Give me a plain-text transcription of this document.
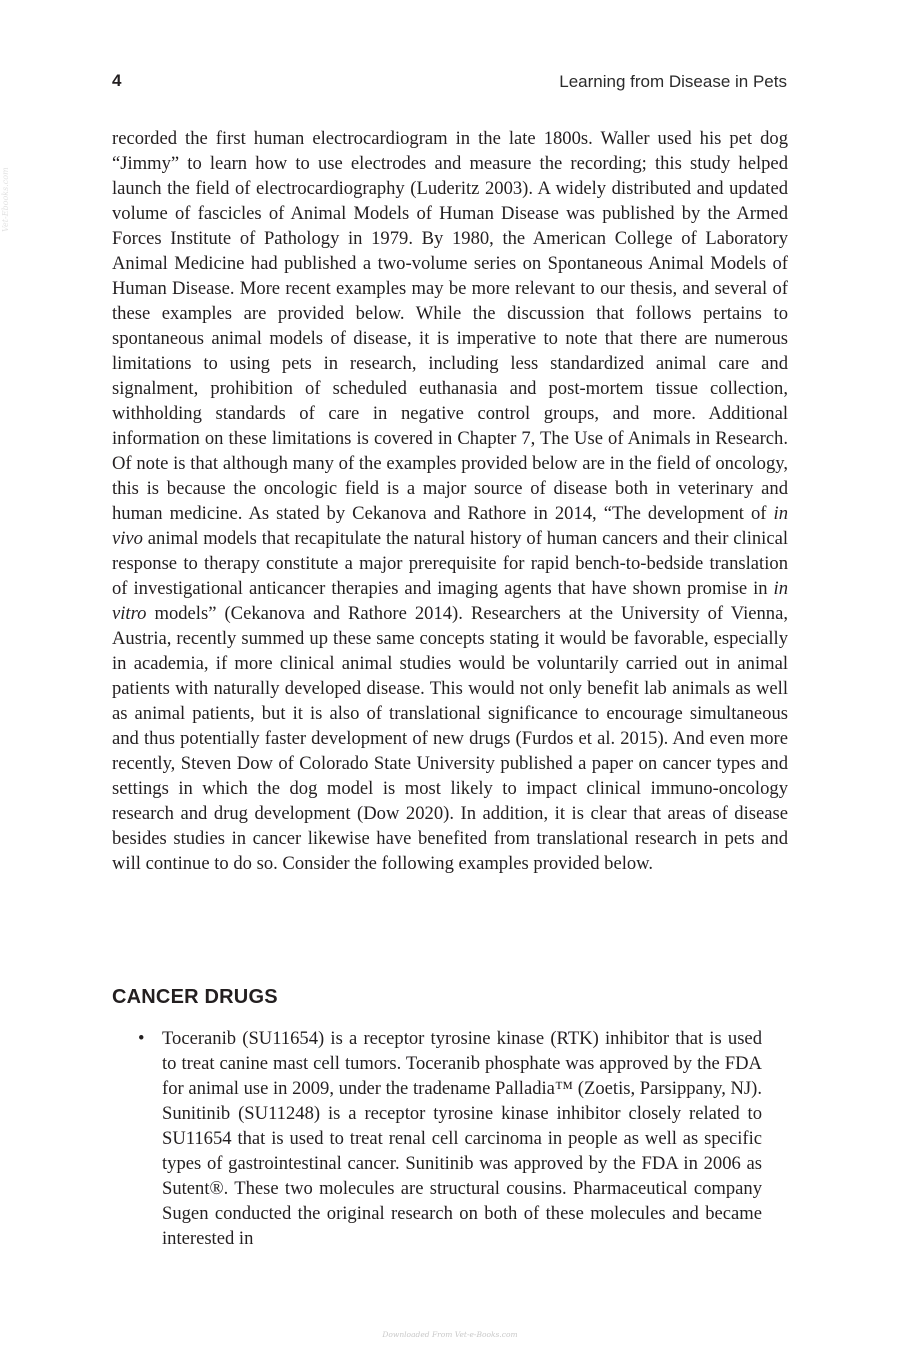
4	Learning from Disease in Pets
Vet-Ebooks.com

recorded the first human electrocardiogram in the late 1800s. Waller used his pet dog “Jimmy” to learn how to use electrodes and measure the recording; this study helped launch the field of electrocardiography (Luderitz 2003). A widely distributed and updated volume of fascicles of Animal Models of Human Disease was published by the Armed Forces Institute of Pathology in 1979. By 1980, the American College of Laboratory Animal Medicine had published a two-volume series on Spontaneous Animal Models of Human Disease. More recent examples may be more relevant to our thesis, and several of these examples are provided below. While the discussion that follows pertains to spontaneous animal models of disease, it is imperative to note that there are numerous limitations to using pets in research, including less standardized animal care and signalment, prohibition of scheduled euthanasia and post-mortem tissue collection, withholding standards of care in negative control groups, and more. Additional information on these limitations is covered in Chapter 7, The Use of Animals in Research. Of note is that although many of the examples provided below are in the field of oncology, this is because the oncologic field is a major source of disease both in veterinary and human medicine. As stated by Cekanova and Rathore in 2014, “The development of in vivo animal models that recapitulate the natural history of human cancers and their clinical response to therapy constitute a major prerequisite for rapid bench-to-bedside translation of investigational anticancer therapies and imaging agents that have shown promise in in vitro models” (Cekanova and Rathore 2014). Researchers at the University of Vienna, Austria, recently summed up these same concepts stating it would be favorable, especially in academia, if more clinical animal studies would be voluntarily carried out in animal patients with naturally developed disease. This would not only benefit lab animals as well as animal patients, but it is also of translational significance to encourage simultaneous and thus potentially faster development of new drugs (Furdos et al. 2015). And even more recently, Steven Dow of Colorado State University published a paper on cancer types and settings in which the dog model is most likely to impact clinical immuno-oncology research and drug development (Dow 2020). In addition, it is clear that areas of disease besides studies in cancer likewise have benefited from translational research in pets and will continue to do so. Consider the following examples provided below.

CANCER DRUGS
• Toceranib (SU11654) is a receptor tyrosine kinase (RTK) inhibitor that is used to treat canine mast cell tumors. Toceranib phosphate was approved by the FDA for animal use in 2009, under the tradename Palladia™ (Zoetis, Parsippany, NJ). Sunitinib (SU11248) is a receptor tyrosine kinase inhibitor closely related to SU11654 that is used to treat renal cell carcinoma in people as well as specific types of gastrointestinal cancer. Sunitinib was approved by the FDA in 2006 as Sutent®. These two molecules are structural cousins. Pharmaceutical company Sugen conducted the original research on both of these molecules and became interested in

Downloaded From Vet-e-Books.com
